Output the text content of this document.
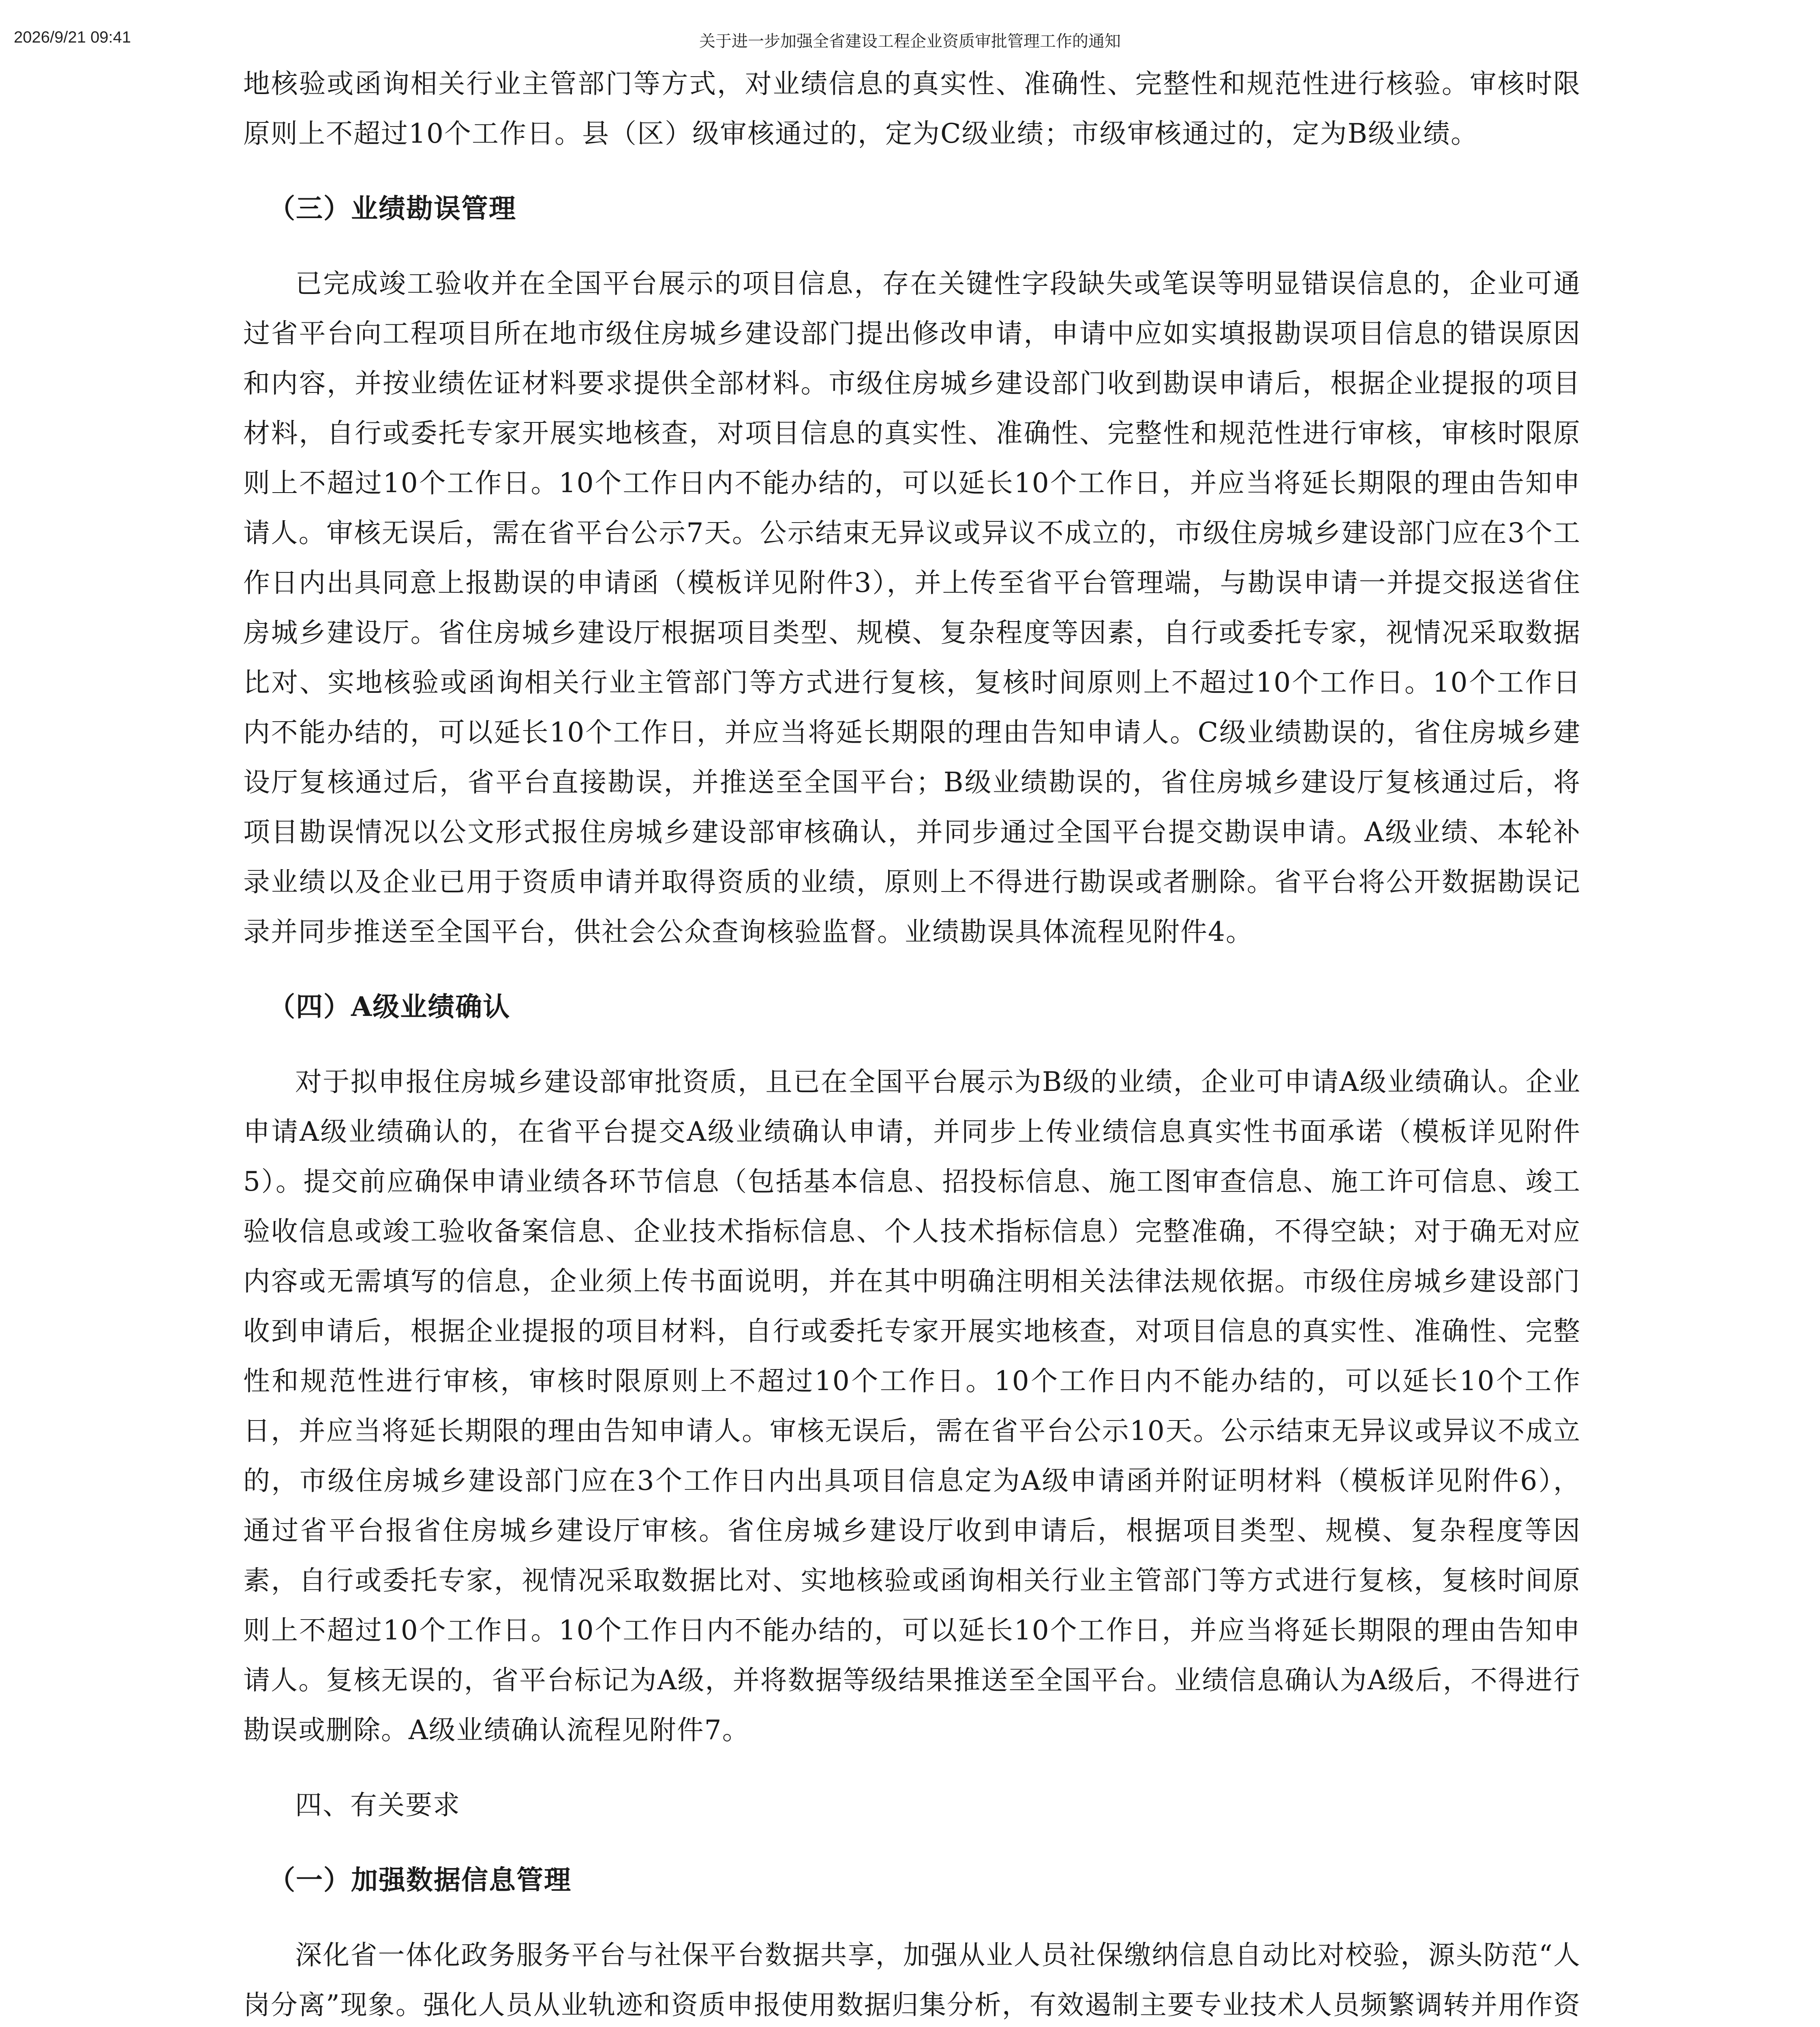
2026/9/21 09:41	关于进一步加强全省建设工程企业资质审批管理工作的通知

地核验或函询相关行业主管部门等方式，对业绩信息的真实性、准确性、完整性和规范性进行核验。审核时限原则上不超过10个工作日。县（区）级审核通过的，定为C级业绩；市级审核通过的，定为B级业绩。

（三）业绩勘误管理

已完成竣工验收并在全国平台展示的项目信息，存在关键性字段缺失或笔误等明显错误信息的，企业可通过省平台向工程项目所在地市级住房城乡建设部门提出修改申请，申请中应如实填报勘误项目信息的错误原因和内容，并按业绩佐证材料要求提供全部材料。市级住房城乡建设部门收到勘误申请后，根据企业提报的项目材料，自行或委托专家开展实地核查，对项目信息的真实性、准确性、完整性和规范性进行审核，审核时限原则上不超过10个工作日。10个工作日内不能办结的，可以延长10个工作日，并应当将延长期限的理由告知申请人。审核无误后，需在省平台公示7天。公示结束无异议或异议不成立的，市级住房城乡建设部门应在3个工作日内出具同意上报勘误的申请函（模板详见附件3），并上传至省平台管理端，与勘误申请一并提交报送省住房城乡建设厅。省住房城乡建设厅根据项目类型、规模、复杂程度等因素，自行或委托专家，视情况采取数据比对、实地核验或函询相关行业主管部门等方式进行复核，复核时间原则上不超过10个工作日。10个工作日内不能办结的，可以延长10个工作日，并应当将延长期限的理由告知申请人。C级业绩勘误的，省住房城乡建设厅复核通过后，省平台直接勘误，并推送至全国平台；B级业绩勘误的，省住房城乡建设厅复核通过后，将项目勘误情况以公文形式报住房城乡建设部审核确认，并同步通过全国平台提交勘误申请。A级业绩、本轮补录业绩以及企业已用于资质申请并取得资质的业绩，原则上不得进行勘误或者删除。省平台将公开数据勘误记录并同步推送至全国平台，供社会公众查询核验监督。业绩勘误具体流程见附件4。

（四）A级业绩确认

对于拟申报住房城乡建设部审批资质，且已在全国平台展示为B级的业绩，企业可申请A级业绩确认。企业申请A级业绩确认的，在省平台提交A级业绩确认申请，并同步上传业绩信息真实性书面承诺（模板详见附件5）。提交前应确保申请业绩各环节信息（包括基本信息、招投标信息、施工图审查信息、施工许可信息、竣工验收信息或竣工验收备案信息、企业技术指标信息、个人技术指标信息）完整准确，不得空缺；对于确无对应内容或无需填写的信息，企业须上传书面说明，并在其中明确注明相关法律法规依据。市级住房城乡建设部门收到申请后，根据企业提报的项目材料，自行或委托专家开展实地核查，对项目信息的真实性、准确性、完整性和规范性进行审核，审核时限原则上不超过10个工作日。10个工作日内不能办结的，可以延长10个工作日，并应当将延长期限的理由告知申请人。审核无误后，需在省平台公示10天。公示结束无异议或异议不成立的，市级住房城乡建设部门应在3个工作日内出具项目信息定为A级申请函并附证明材料（模板详见附件6），通过省平台报省住房城乡建设厅审核。省住房城乡建设厅收到申请后，根据项目类型、规模、复杂程度等因素，自行或委托专家，视情况采取数据比对、实地核验或函询相关行业主管部门等方式进行复核，复核时间原则上不超过10个工作日。10个工作日内不能办结的，可以延长10个工作日，并应当将延长期限的理由告知申请人。复核无误的，省平台标记为A级，并将数据等级结果推送至全国平台。业绩信息确认为A级后，不得进行勘误或删除。A级业绩确认流程见附件7。

四、有关要求

（一）加强数据信息管理

深化省一体化政务服务平台与社保平台数据共享，加强从业人员社保缴纳信息自动比对校验，源头防范“人岗分离”现象。强化人员从业轨迹和资质申报使用数据归集分析，有效遏制主要专业技术人员频繁调转并用作资
